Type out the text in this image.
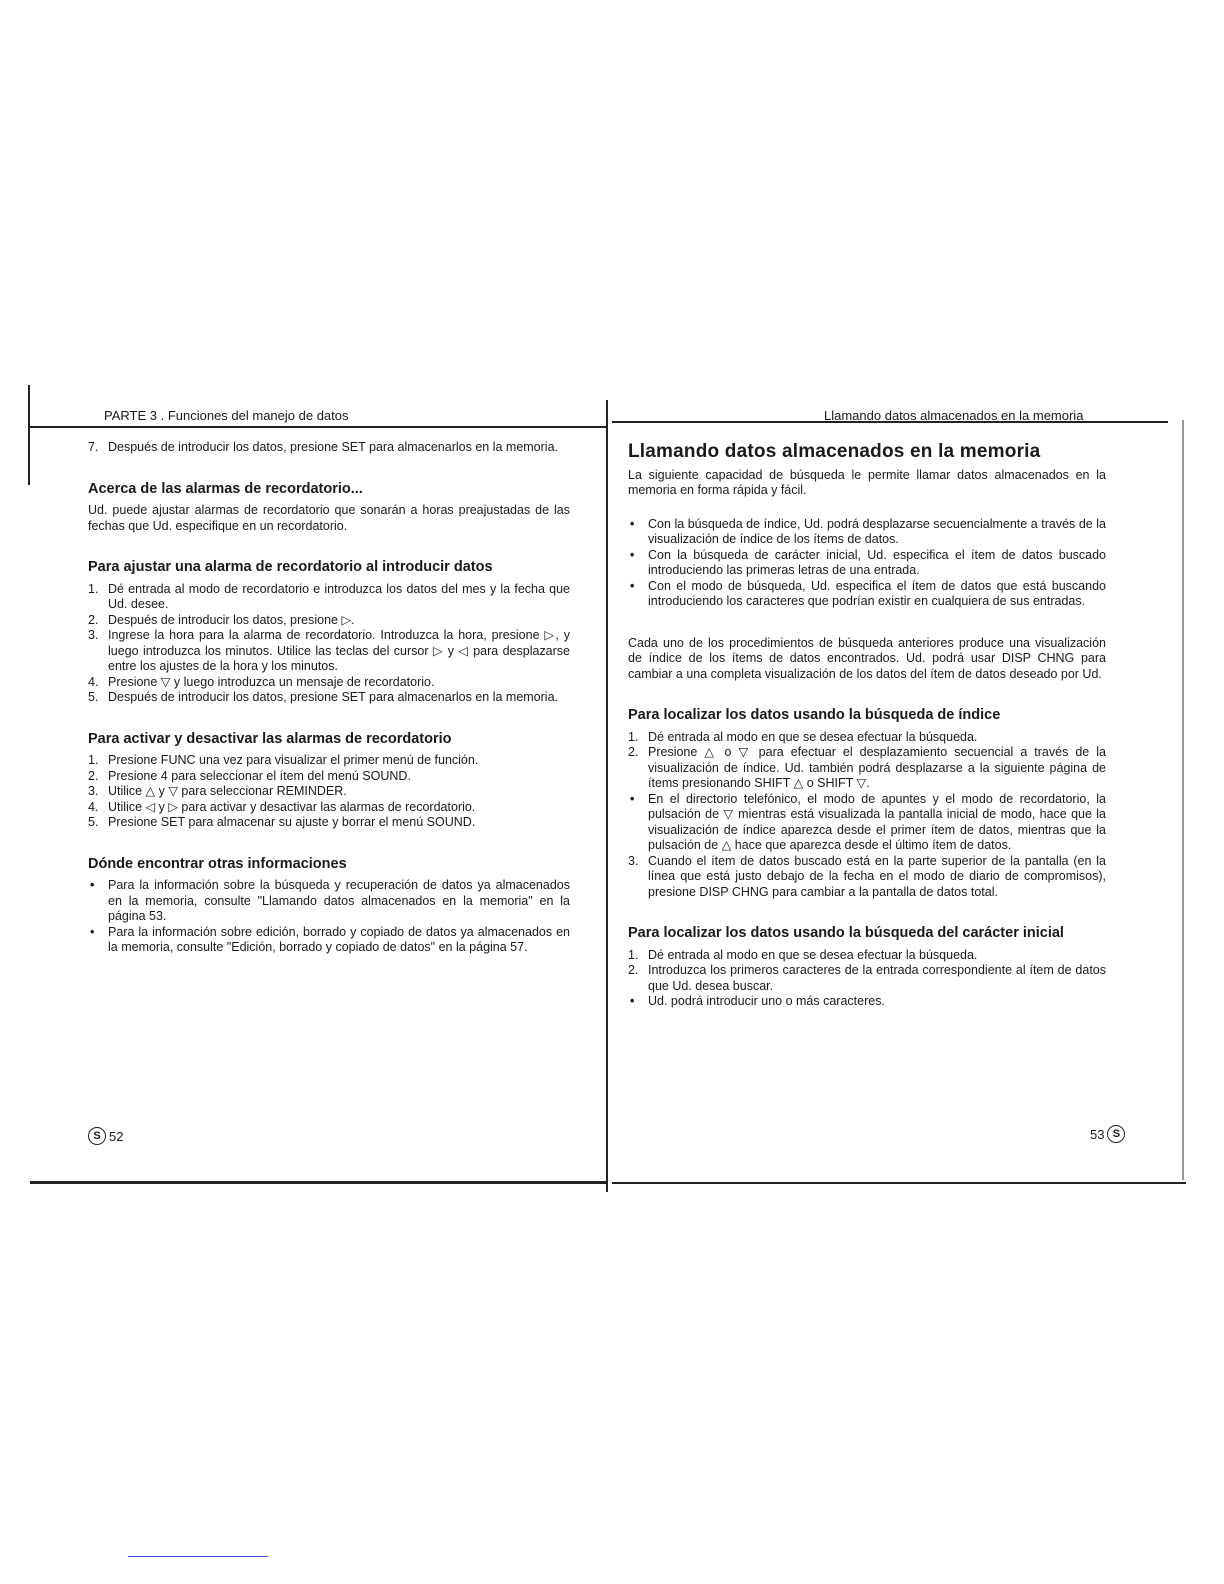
PARTE 3 . Funciones del manejo de datos	Llamando datos almacenados en la memoria
7. Después de introducir los datos, presione SET para almacenarlos en la memoria.
Acerca de las alarmas de recordatorio...

Ud. puede ajustar alarmas de recordatorio que sonarán a horas preajustadas de las fechas que Ud. especifique en un recordatorio.

Para ajustar una alarma de recordatorio al introducir datos
1. Dé entrada al modo de recordatorio e introduzca los datos del mes y la fecha que Ud. desee.
2. Después de introducir los datos, presione ▷.
3. Ingrese la hora para la alarma de recordatorio. Introduzca la hora, presione ▷, y luego introduzca los minutos. Utilice las teclas del cursor ▷ y ◁ para desplazarse entre los ajustes de la hora y los minutos.
4. Presione ▽ y luego introduzca un mensaje de recordatorio.
5. Después de introducir los datos, presione SET para almacenarlos en la memoria.
Para activar y desactivar las alarmas de recordatorio
1. Presione FUNC una vez para visualizar el primer menú de función.
2. Presione 4 para seleccionar el ítem del menú SOUND.
3. Utilice △ y ▽ para seleccionar REMINDER.
4. Utilice ◁ y ▷ para activar y desactivar las alarmas de recordatorio.
5. Presione SET para almacenar su ajuste y borrar el menú SOUND.
Dónde encontrar otras informaciones
• Para la información sobre la búsqueda y recuperación de datos ya almacenados en la memoria, consulte "Llamando datos almacenados en la memoria" en la página 53.
• Para la información sobre edición, borrado y copiado de datos ya almacenados en la memoria, consulte "Edición, borrado y copiado de datos" en la página 57.
S 52
Llamando datos almacenados en la memoria

La siguiente capacidad de búsqueda le permite llamar datos almacenados en la memoria en forma rápida y fácil.

• Con la búsqueda de índice, Ud. podrá desplazarse secuencialmente a través de la visualización de índice de los ítems de datos.
• Con la búsqueda de carácter inicial, Ud. especifica el ítem de datos buscado introduciendo las primeras letras de una entrada.
• Con el modo de búsqueda, Ud. especifica el ítem de datos que está buscando introduciendo los caracteres que podrían existir en cualquiera de sus entradas.

Cada uno de los procedimientos de búsqueda anteriores produce una visualización de índice de los ítems de datos encontrados. Ud. podrá usar DISP CHNG para cambiar a una completa visualización de los datos del ítem de datos deseado por Ud.

Para localizar los datos usando la búsqueda de índice
1. Dé entrada al modo en que se desea efectuar la búsqueda.
2. Presione △ o ▽ para efectuar el desplazamiento secuencial a través de la visualización de índice. Ud. también podrá desplazarse a la siguiente página de ítems presionando SHIFT △ o SHIFT ▽.
• En el directorio telefónico, el modo de apuntes y el modo de recordatorio, la pulsación de ▽ mientras está visualizada la pantalla inicial de modo, hace que la visualización de índice aparezca desde el primer ítem de datos, mientras que la pulsación de △ hace que aparezca desde el último ítem de datos.
3. Cuando el ítem de datos buscado está en la parte superior de la pantalla (en la línea que está justo debajo de la fecha en el modo de diario de compromisos), presione DISP CHNG para cambiar a la pantalla de datos total.
Para localizar los datos usando la búsqueda del carácter inicial
1. Dé entrada al modo en que se desea efectuar la búsqueda.
2. Introduzca los primeros caracteres de la entrada correspondiente al ítem de datos que Ud. desea buscar.
• Ud. podrá introducir uno o más caracteres.
53 S
